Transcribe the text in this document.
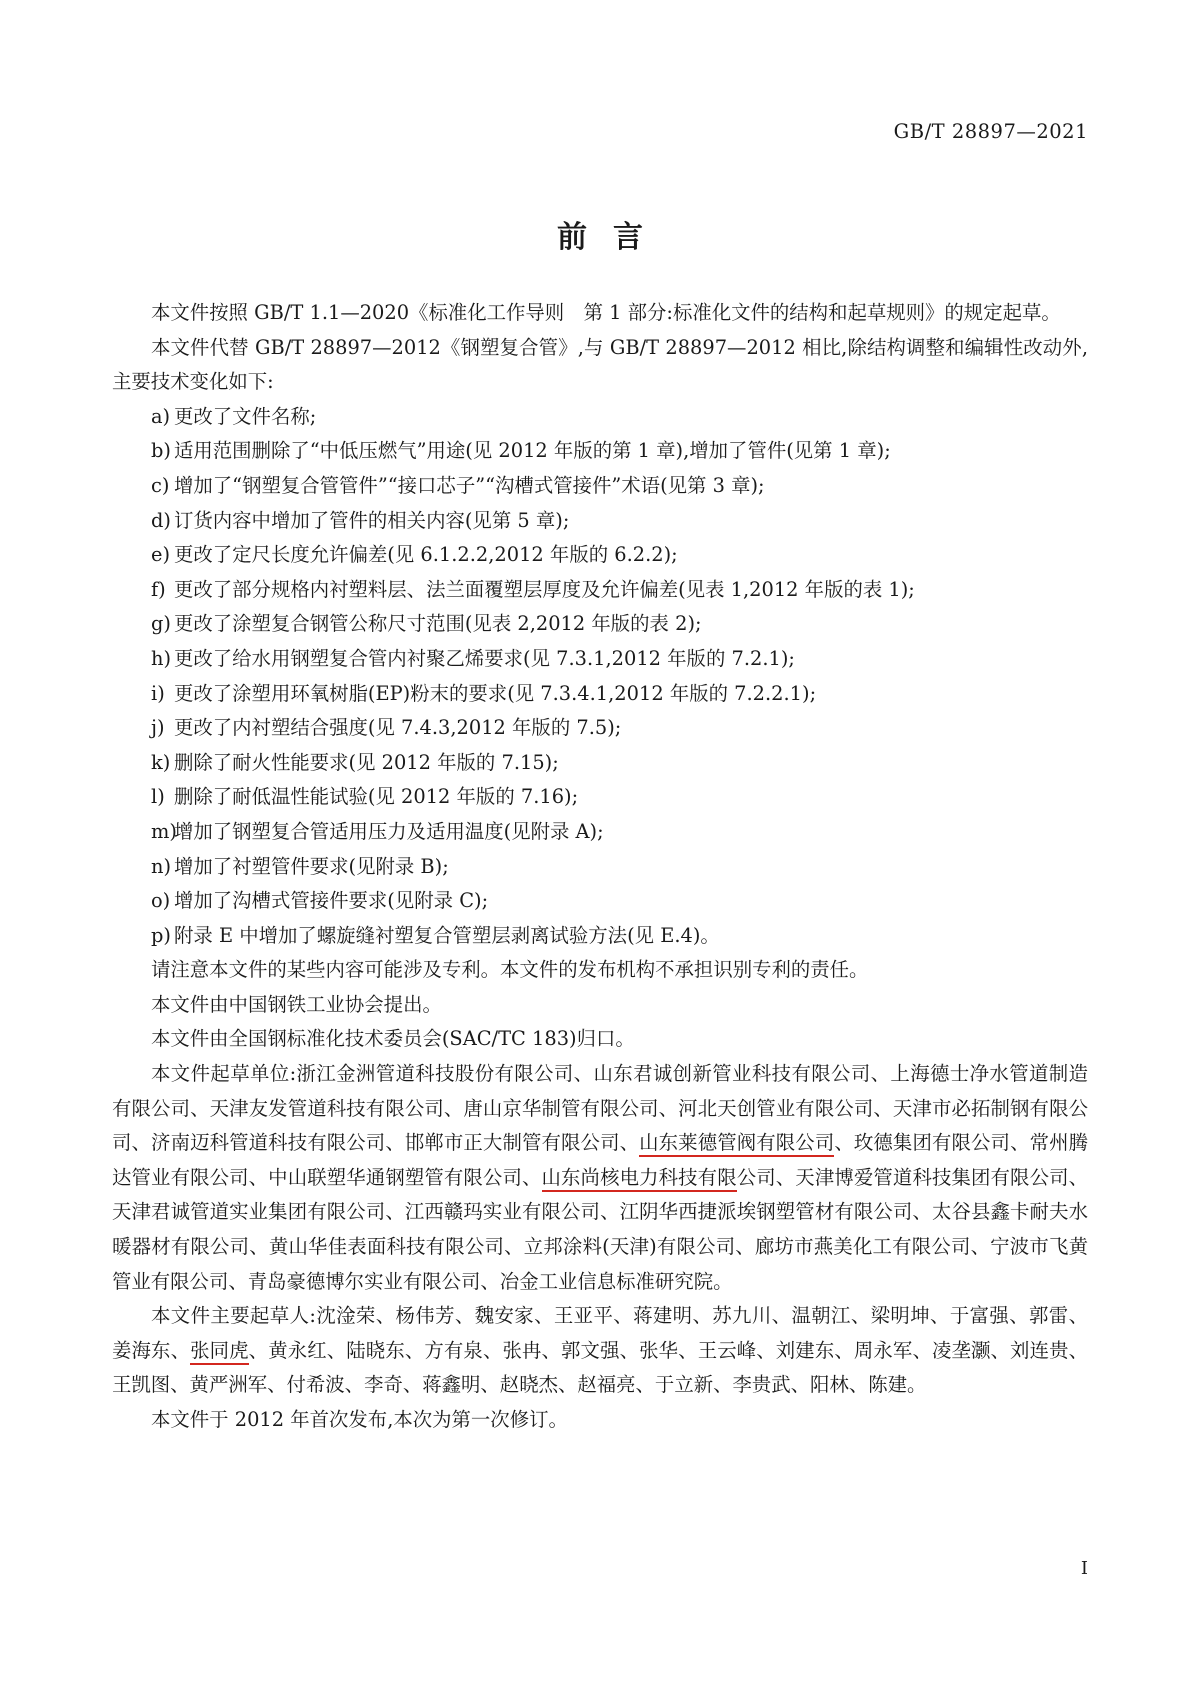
GB/T 28897—2021
前言

本文件按照 GB/T 1.1—2020《标准化工作导则　第 1 部分:标准化文件的结构和起草规则》的规定起草。

本文件代替 GB/T 28897—2012《钢塑复合管》,与 GB/T 28897—2012 相比,除结构调整和编辑性改动外,主要技术变化如下:

a) 更改了文件名称;
b) 适用范围删除了“中低压燃气”用途(见 2012 年版的第 1 章),增加了管件(见第 1 章);
c) 增加了“钢塑复合管管件”“接口芯子”“沟槽式管接件”术语(见第 3 章);
d) 订货内容中增加了管件的相关内容(见第 5 章);
e) 更改了定尺长度允许偏差(见 6.1.2.2,2012 年版的 6.2.2);
f) 更改了部分规格内衬塑料层、法兰面覆塑层厚度及允许偏差(见表 1,2012 年版的表 1);
g) 更改了涂塑复合钢管公称尺寸范围(见表 2,2012 年版的表 2);
h) 更改了给水用钢塑复合管内衬聚乙烯要求(见 7.3.1,2012 年版的 7.2.1);
i) 更改了涂塑用环氧树脂(EP)粉末的要求(见 7.3.4.1,2012 年版的 7.2.2.1);
j) 更改了内衬塑结合强度(见 7.4.3,2012 年版的 7.5);
k) 删除了耐火性能要求(见 2012 年版的 7.15);
l) 删除了耐低温性能试验(见 2012 年版的 7.16);
m)
增加了钢塑复合管适用压力及适用温度(见附录 A);
n) 增加了衬塑管件要求(见附录 B);
o) 增加了沟槽式管接件要求(见附录 C);
p) 附录 E 中增加了螺旋缝衬塑复合管塑层剥离试验方法(见 E.4)。

请注意本文件的某些内容可能涉及专利。本文件的发布机构不承担识别专利的责任。

本文件由中国钢铁工业协会提出。

本文件由全国钢标准化技术委员会(SAC/TC 183)归口。

本文件起草单位:浙江金洲管道科技股份有限公司、山东君诚创新管业科技有限公司、上海德士净水管道制造有限公司、天津友发管道科技有限公司、唐山京华制管有限公司、河北天创管业有限公司、天津市必拓制钢有限公司、济南迈科管道科技有限公司、邯郸市正大制管有限公司、山东莱德管阀有限公司、玫德集团有限公司、常州腾达管业有限公司、中山联塑华通钢塑管有限公司、山东尚核电力科技有限公司、天津博爱管道科技集团有限公司、天津君诚管道实业集团有限公司、江西赣玛实业有限公司、江阴华西捷派埃钢塑管材有限公司、太谷县鑫卡耐夫水暖器材有限公司、黄山华佳表面科技有限公司、立邦涂料(天津)有限公司、廊坊市燕美化工有限公司、宁波市飞黄管业有限公司、青岛豪德博尔实业有限公司、冶金工业信息标准研究院。

本文件主要起草人:沈淦荣、杨伟芳、魏安家、王亚平、蒋建明、苏九川、温朝江、梁明坤、于富强、郭雷、姜海东、张同虎、黄永红、陆晓东、方有泉、张冉、郭文强、张华、王云峰、刘建东、周永军、凌垄灏、刘连贵、王凯图、黄严洲军、付希波、李奇、蒋鑫明、赵晓杰、赵福亮、于立新、李贵武、阳林、陈建。

本文件于 2012 年首次发布,本次为第一次修订。

I
